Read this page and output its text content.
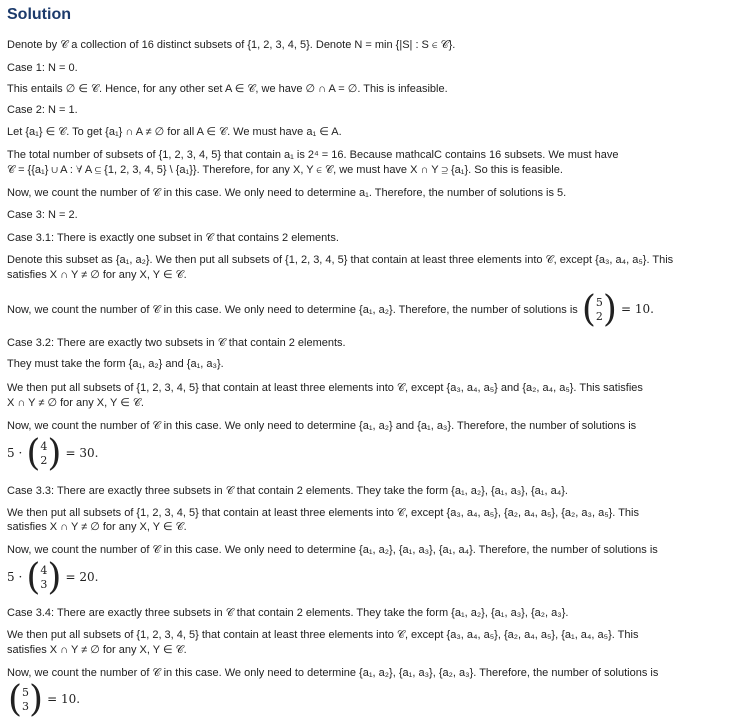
Solution
Denote by 𝒞 a collection of 16 distinct subsets of {1, 2, 3, 4, 5}. Denote N = min {|S| : S ∈ 𝒞}.
Case 1: N = 0.
This entails ∅ ∈ 𝒞. Hence, for any other set A ∈ 𝒞, we have ∅ ∩ A = ∅. This is infeasible.
Case 2: N = 1.
Let {a₁} ∈ 𝒞. To get {a₁} ∩ A ≠ ∅ for all A ∈ 𝒞. We must have a₁ ∈ A.
The total number of subsets of {1, 2, 3, 4, 5} that contain a₁ is 2⁴ = 16. Because mathcalC contains 16 subsets. We must have
𝒞 = {{a₁} ∪ A : ∀ A ⊆ {1, 2, 3, 4, 5} \ {a₁}}. Therefore, for any X, Y ∈ 𝒞, we must have X ∩ Y ⊇ {a₁}. So this is feasible.
Now, we count the number of 𝒞 in this case. We only need to determine a₁. Therefore, the number of solutions is 5.
Case 3: N = 2.
Case 3.1: There is exactly one subset in 𝒞 that contains 2 elements.
Denote this subset as {a₁, a₂}. We then put all subsets of {1, 2, 3, 4, 5} that contain at least three elements into 𝒞, except {a₃, a₄, a₅}. This
satisfies X ∩ Y ≠ ∅ for any X, Y ∈ 𝒞.
Now, we count the number of 𝒞 in this case. We only need to determine {a₁, a₂}. Therefore, the number of solutions is ( 5
2 ) = 10.
Case 3.2: There are exactly two subsets in 𝒞 that contain 2 elements.
They must take the form {a₁, a₂} and {a₁, a₃}.
We then put all subsets of {1, 2, 3, 4, 5} that contain at least three elements into 𝒞, except {a₃, a₄, a₅} and {a₂, a₄, a₅}. This satisfies
X ∩ Y ≠ ∅ for any X, Y ∈ 𝒞.
Now, we count the number of 𝒞 in this case. We only need to determine {a₁, a₂} and {a₁, a₃}. Therefore, the number of solutions is
5 · ( 4
2 ) = 30.
Case 3.3: There are exactly three subsets in 𝒞 that contain 2 elements. They take the form {a₁, a₂}, {a₁, a₃}, {a₁, a₄}.
We then put all subsets of {1, 2, 3, 4, 5} that contain at least three elements into 𝒞, except {a₃, a₄, a₅}, {a₂, a₄, a₅}, {a₂, a₃, a₅}. This
satisfies X ∩ Y ≠ ∅ for any X, Y ∈ 𝒞.
Now, we count the number of 𝒞 in this case. We only need to determine {a₁, a₂}, {a₁, a₃}, {a₁, a₄}. Therefore, the number of solutions is
5 · ( 4
3 ) = 20.
Case 3.4: There are exactly three subsets in 𝒞 that contain 2 elements. They take the form {a₁, a₂}, {a₁, a₃}, {a₂, a₃}.
We then put all subsets of {1, 2, 3, 4, 5} that contain at least three elements into 𝒞, except {a₃, a₄, a₅}, {a₂, a₄, a₅}, {a₁, a₄, a₅}. This
satisfies X ∩ Y ≠ ∅ for any X, Y ∈ 𝒞.
Now, we count the number of 𝒞 in this case. We only need to determine {a₁, a₂}, {a₁, a₃}, {a₂, a₃}. Therefore, the number of solutions is
( 5
3 ) = 10.
